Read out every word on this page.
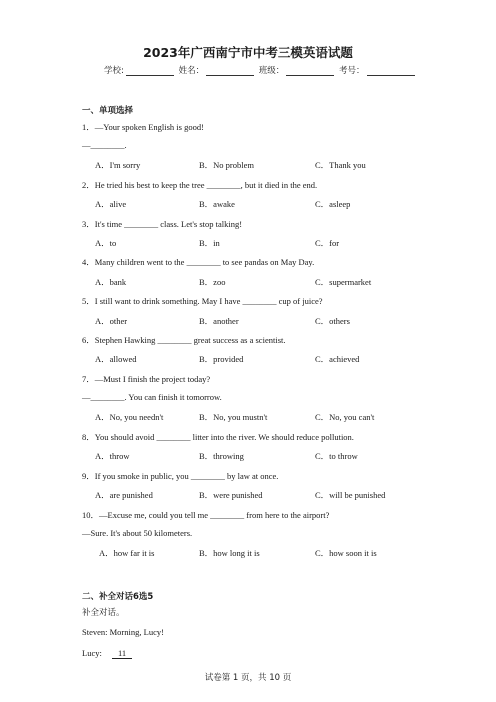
2023年广西南宁市中考三模英语试题
学校:	姓名：	班级：	考号：
一、单项选择
1．—Your spoken English is good!
—________.
A．I'm sorry	B．No problem	C．Thank you
2．He tried his best to keep the tree ________, but it died in the end.
A．alive	B．awake	C．asleep
3．It's time ________ class. Let's stop talking!
A．to	B．in	C．for
4．Many children went to the ________ to see pandas on May Day.
A．bank	B．zoo	C．supermarket
5．I still want to drink something. May I have ________ cup of juice?
A．other	B．another	C．others
6．Stephen Hawking ________ great success as a scientist.
A．allowed	B．provided	C．achieved
7．—Must I finish the project today?
—________. You can finish it tomorrow.
A．No, you needn't	B．No, you mustn't	C．No, you can't
8．You should avoid ________ litter into the river. We should reduce pollution.
A．throw	B．throwing	C．to throw
9．If you smoke in public, you ________ by law at once.
A．are punished	B．were punished	C．will be punished
10．—Excuse me, could you tell me ________ from here to the airport?
—Sure. It's about 50 kilometers.
A．how far it is	B．how long it is	C．how soon it is
二、补全对话6选5
补全对话。
Steven: Morning, Lucy!
Lucy: 11
试卷第 1 页，共 10 页
